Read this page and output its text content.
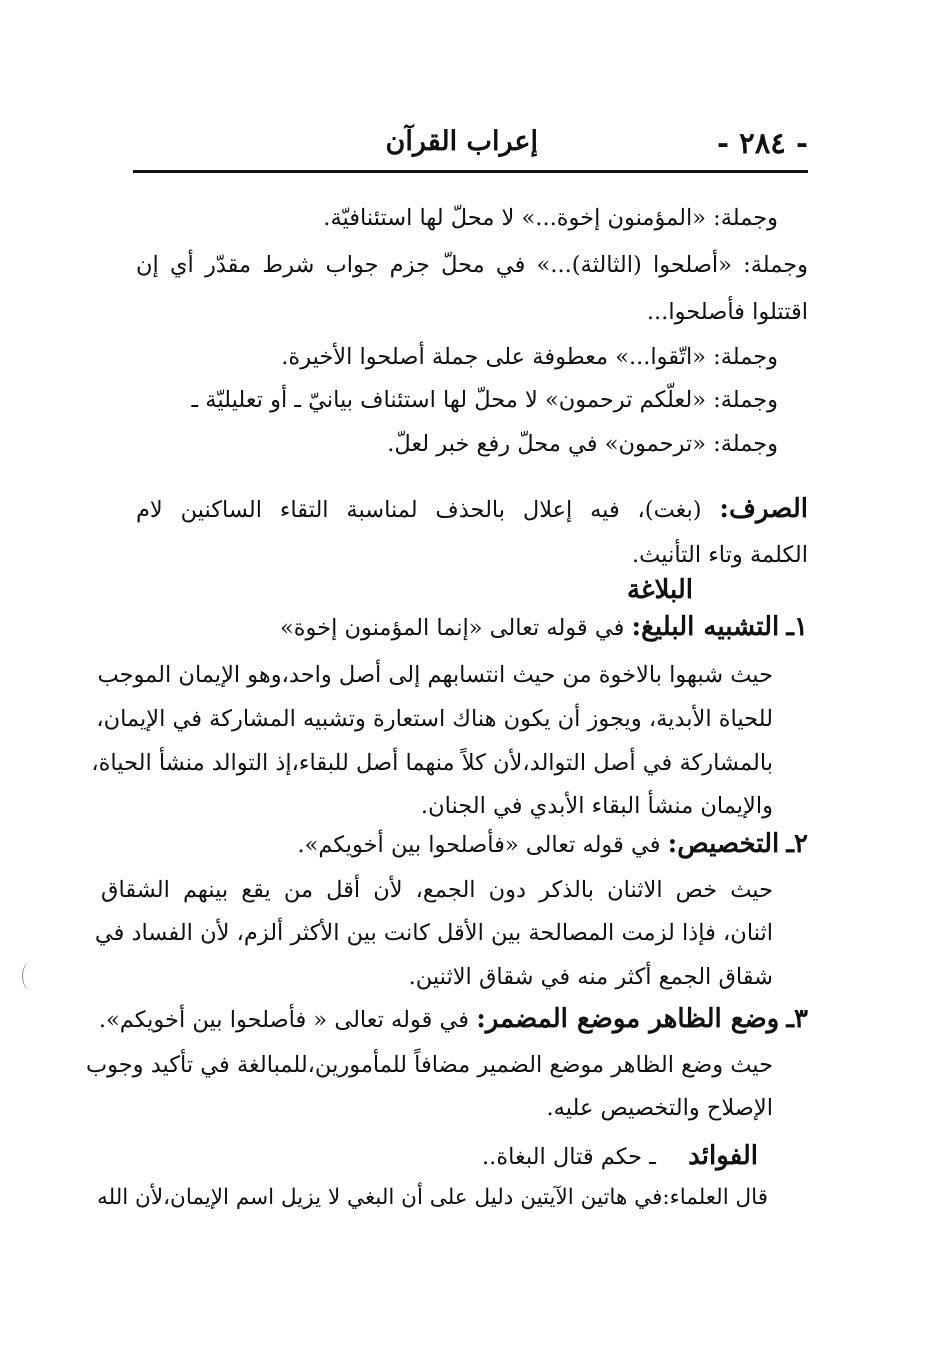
- ٢٨٤ -
إعراب القرآن
وجملة: «المؤمنون إخوة...» لا محلّ لها استئنافيّة.
وجملة: «أصلحوا (الثالثة)...» في محلّ جزم جواب شرط مقدّر أي إن
اقتتلوا فأصلحوا...
وجملة: «اتّقوا...» معطوفة على جملة أصلحوا الأخيرة.
وجملة: «لعلّكم ترحمون» لا محلّ لها استئناف بيانيّ ـ أو تعليليّة ـ
وجملة: «ترحمون» في محلّ رفع خبر لعلّ.
الصرف: (بغت)، فيه إعلال بالحذف لمناسبة التقاء الساكنين لام
الكلمة وتاء التأنيث.
البلاغة
١ـ التشبيه البليغ: في قوله تعالى «إنما المؤمنون إخوة»
حيث شبهوا بالاخوة من حيث انتسابهم إلى أصل واحد،وهو الإيمان الموجب
للحياة الأبدية، ويجوز أن يكون هناك استعارة وتشبيه المشاركة في الإيمان،
بالمشاركة في أصل التوالد،لأن كلاً منهما أصل للبقاء،إذ التوالد منشأ الحياة،
والإيمان منشأ البقاء الأبدي في الجنان.
٢ـ التخصيص: في قوله تعالى «فأصلحوا بين أخويكم».
حيث خص الاثنان بالذكر دون الجمع، لأن أقل من يقع بينهم الشقاق
اثنان، فإذا لزمت المصالحة بين الأقل كانت بين الأكثر ألزم، لأن الفساد في
شقاق الجمع أكثر منه في شقاق الاثنين.
٣ـ وضع الظاهر موضع المضمر: في قوله تعالى « فأصلحوا بين أخويكم».
حيث وضع الظاهر موضع الضمير مضافاً للمأمورين،للمبالغة في تأكيد وجوب
الإصلاح والتخصيص عليه.
الفوائد  ـ حكم قتال البغاة..
قال العلماء:في هاتين الآيتين دليل على أن البغي لا يزيل اسم الإيمان،لأن الله
